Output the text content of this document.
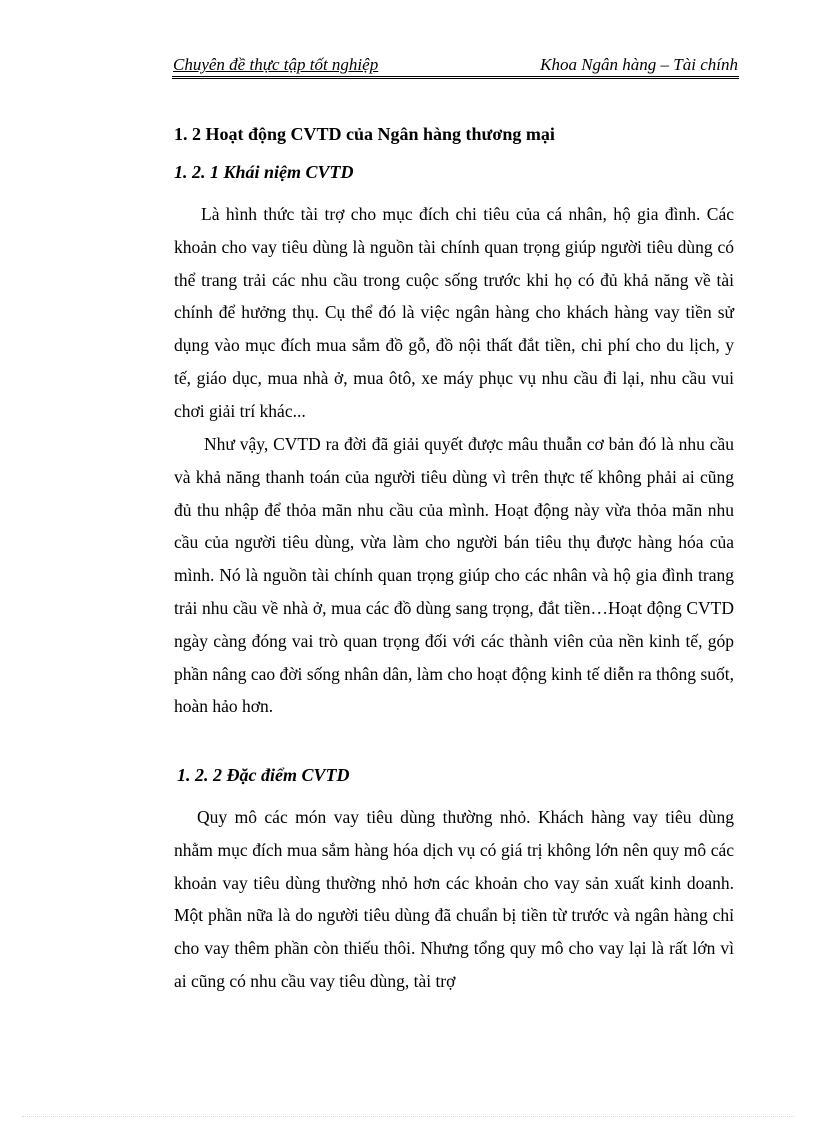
Chuyên đề thực tập tốt nghiệp	Khoa Ngân hàng – Tài chính
1. 2 Hoạt động CVTD của Ngân hàng thương mại
1. 2. 1 Khái niệm CVTD

Là hình thức tài trợ cho mục đích chi tiêu của cá nhân, hộ gia đình. Các khoản cho vay tiêu dùng là nguồn tài chính quan trọng giúp người tiêu dùng có thể trang trải các nhu cầu trong cuộc sống trước khi họ có đủ khả năng về tài chính để hưởng thụ. Cụ thể đó là việc ngân hàng cho khách hàng vay tiền sử dụng vào mục đích mua sắm đồ gỗ, đồ nội thất đắt tiền, chi phí cho du lịch, y tế, giáo dục, mua nhà ở, mua ôtô, xe máy phục vụ nhu cầu đi lại, nhu cầu vui chơi giải trí khác...

Như vậy, CVTD ra đời đã giải quyết được mâu thuẫn cơ bản đó là nhu cầu và khả năng thanh toán của người tiêu dùng vì trên thực tế không phải ai cũng đủ thu nhập để thỏa mãn nhu cầu của mình. Hoạt động này vừa thỏa mãn nhu cầu của người tiêu dùng, vừa làm cho người bán tiêu thụ được hàng hóa của mình. Nó là nguồn tài chính quan trọng giúp cho các nhân và hộ gia đình trang trải nhu cầu về nhà ở, mua các đồ dùng sang trọng, đắt tiền…Hoạt động CVTD ngày càng đóng vai trò quan trọng đối với các thành viên của nền kinh tế, góp phần nâng cao đời sống nhân dân, làm cho hoạt động kinh tế diễn ra thông suốt, hoàn hảo hơn.

1. 2. 2 Đặc điểm CVTD

Quy mô các món vay tiêu dùng thường nhỏ. Khách hàng vay tiêu dùng nhằm mục đích mua sắm hàng hóa dịch vụ có giá trị không lớn nên quy mô các khoản vay tiêu dùng thường nhỏ hơn các khoản cho vay sản xuất kinh doanh. Một phần nữa là do người tiêu dùng đã chuẩn bị tiền từ trước và ngân hàng chỉ cho vay thêm phần còn thiếu thôi. Nhưng tổng quy mô cho vay lại là rất lớn vì ai cũng có nhu cầu vay tiêu dùng, tài trợ
